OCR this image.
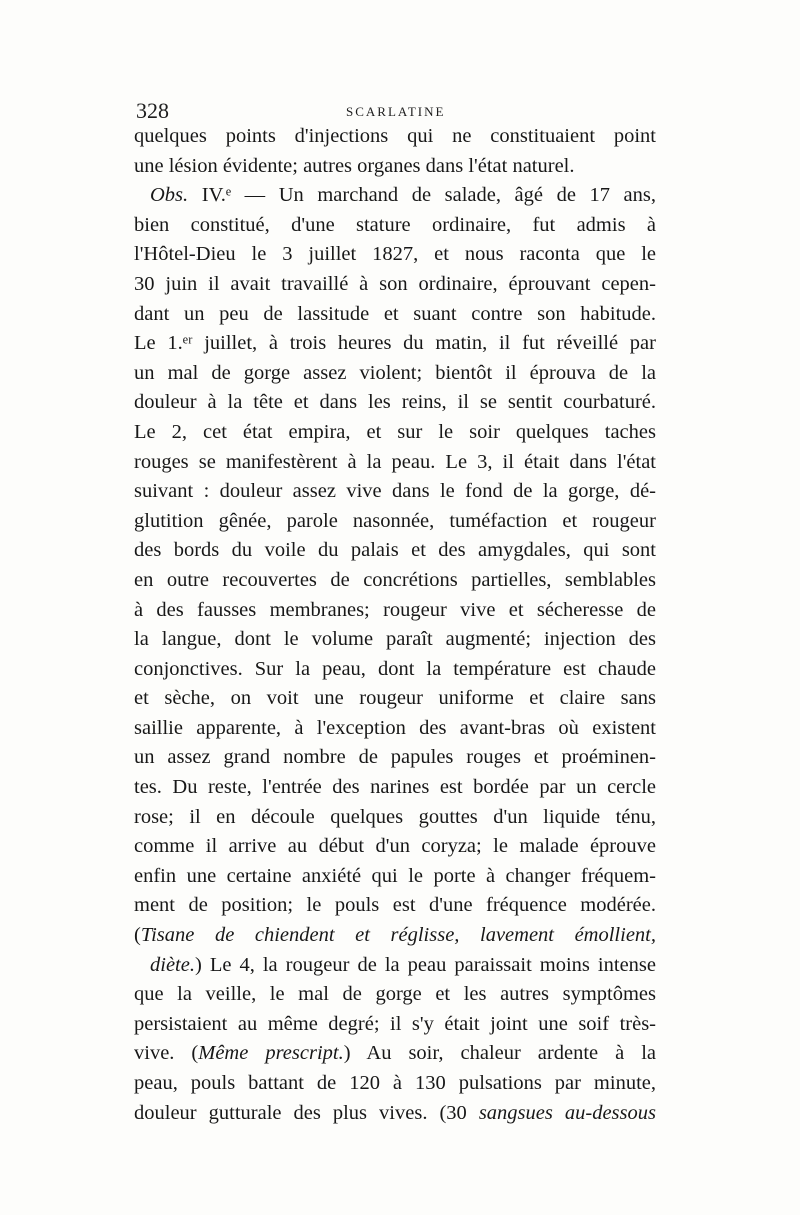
328	SCARLATINE
quelques points d'injections qui ne constituaient point
une lésion évidente; autres organes dans l'état naturel.
Obs. IV.ᵉ — Un marchand de salade, âgé de 17 ans,
bien constitué, d'une stature ordinaire, fut admis à
l'Hôtel-Dieu le 3 juillet 1827, et nous raconta que le
30 juin il avait travaillé à son ordinaire, éprouvant cepen-
dant un peu de lassitude et suant contre son habitude.
Le 1.ᵉʳ juillet, à trois heures du matin, il fut réveillé par
un mal de gorge assez violent; bientôt il éprouva de la
douleur à la tête et dans les reins, il se sentit courbaturé.
Le 2, cet état empira, et sur le soir quelques taches
rouges se manifestèrent à la peau. Le 3, il était dans l'état
suivant : douleur assez vive dans le fond de la gorge, dé-
glutition gênée, parole nasonnée, tuméfaction et rougeur
des bords du voile du palais et des amygdales, qui sont
en outre recouvertes de concrétions partielles, semblables
à des fausses membranes; rougeur vive et sécheresse de
la langue, dont le volume paraît augmenté; injection des
conjonctives. Sur la peau, dont la température est chaude
et sèche, on voit une rougeur uniforme et claire sans
saillie apparente, à l'exception des avant-bras où existent
un assez grand nombre de papules rouges et proéminen-
tes. Du reste, l'entrée des narines est bordée par un cercle
rose; il en découle quelques gouttes d'un liquide ténu,
comme il arrive au début d'un coryza; le malade éprouve
enfin une certaine anxiété qui le porte à changer fréquem-
ment de position; le pouls est d'une fréquence modérée.
(Tisane de chiendent et réglisse, lavement émollient,
diète.) Le 4, la rougeur de la peau paraissait moins intense
que la veille, le mal de gorge et les autres symptômes
persistaient au même degré; il s'y était joint une soif très-
vive. (Même prescript.) Au soir, chaleur ardente à la
peau, pouls battant de 120 à 130 pulsations par minute,
douleur gutturale des plus vives. (30 sangsues au-dessous
